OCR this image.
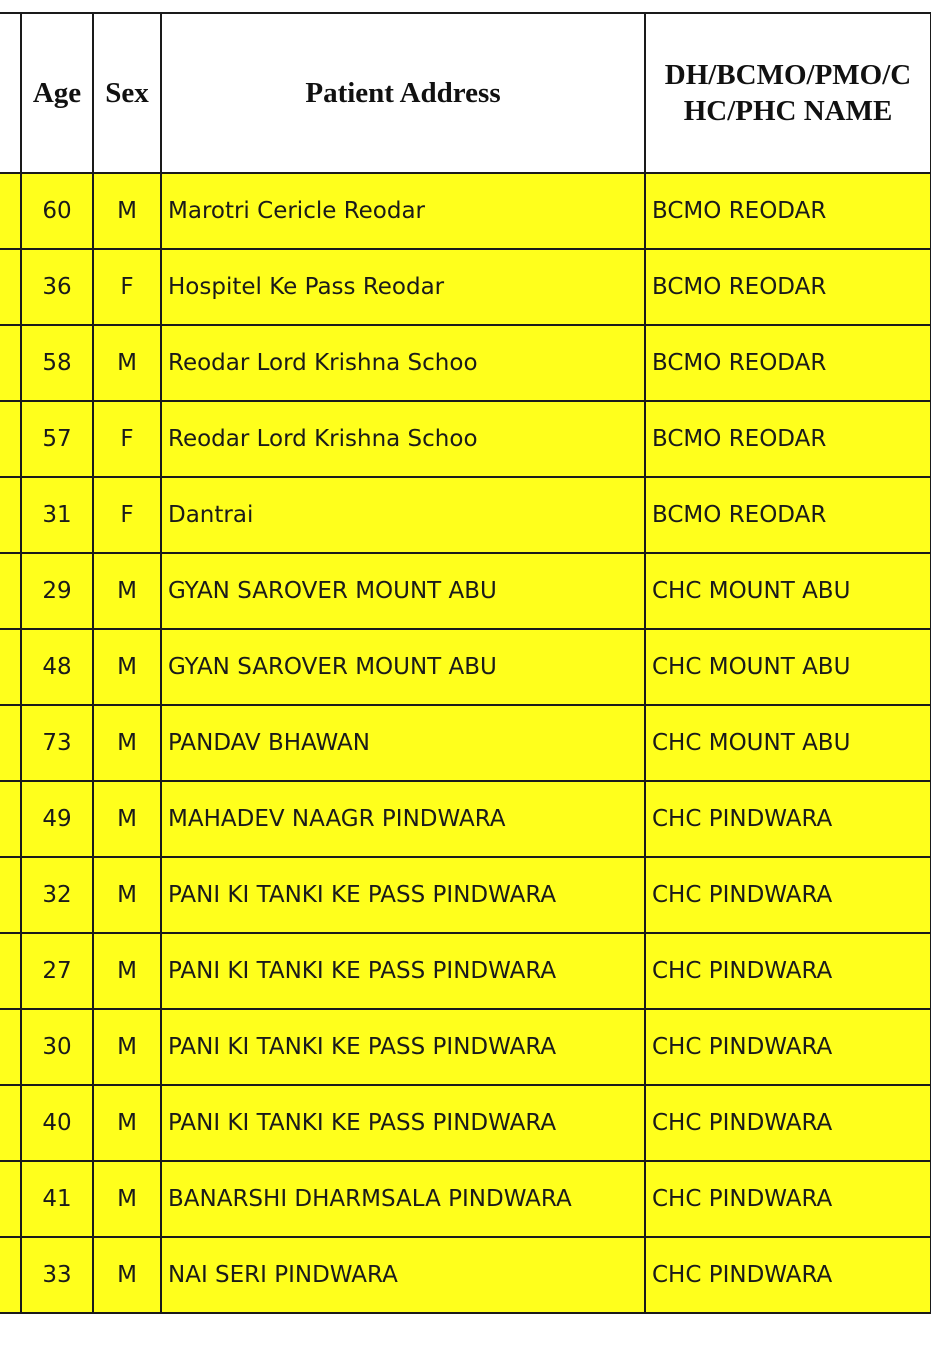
	Age	Sex	Patient Address	DH/BCMO/PMO/C
HC/PHC NAME

	60	M	Marotri Cericle Reodar	BCMO REODAR
	36	F	Hospitel Ke Pass Reodar	BCMO REODAR
	58	M	Reodar Lord Krishna Schoo	BCMO REODAR
	57	F	Reodar Lord Krishna Schoo	BCMO REODAR
	31	F	Dantrai	BCMO REODAR
	29	M	GYAN SAROVER MOUNT ABU	CHC MOUNT ABU
	48	M	GYAN SAROVER MOUNT ABU	CHC MOUNT ABU
	73	M	PANDAV BHAWAN	CHC MOUNT ABU
	49	M	MAHADEV NAAGR PINDWARA	CHC PINDWARA
	32	M	PANI KI TANKI KE PASS PINDWARA	CHC PINDWARA
	27	M	PANI KI TANKI KE PASS PINDWARA	CHC PINDWARA
	30	M	PANI KI TANKI KE PASS PINDWARA	CHC PINDWARA
	40	M	PANI KI TANKI KE PASS PINDWARA	CHC PINDWARA
	41	M	BANARSHI DHARMSALA PINDWARA	CHC PINDWARA
	33	M	NAI SERI PINDWARA	CHC PINDWARA
